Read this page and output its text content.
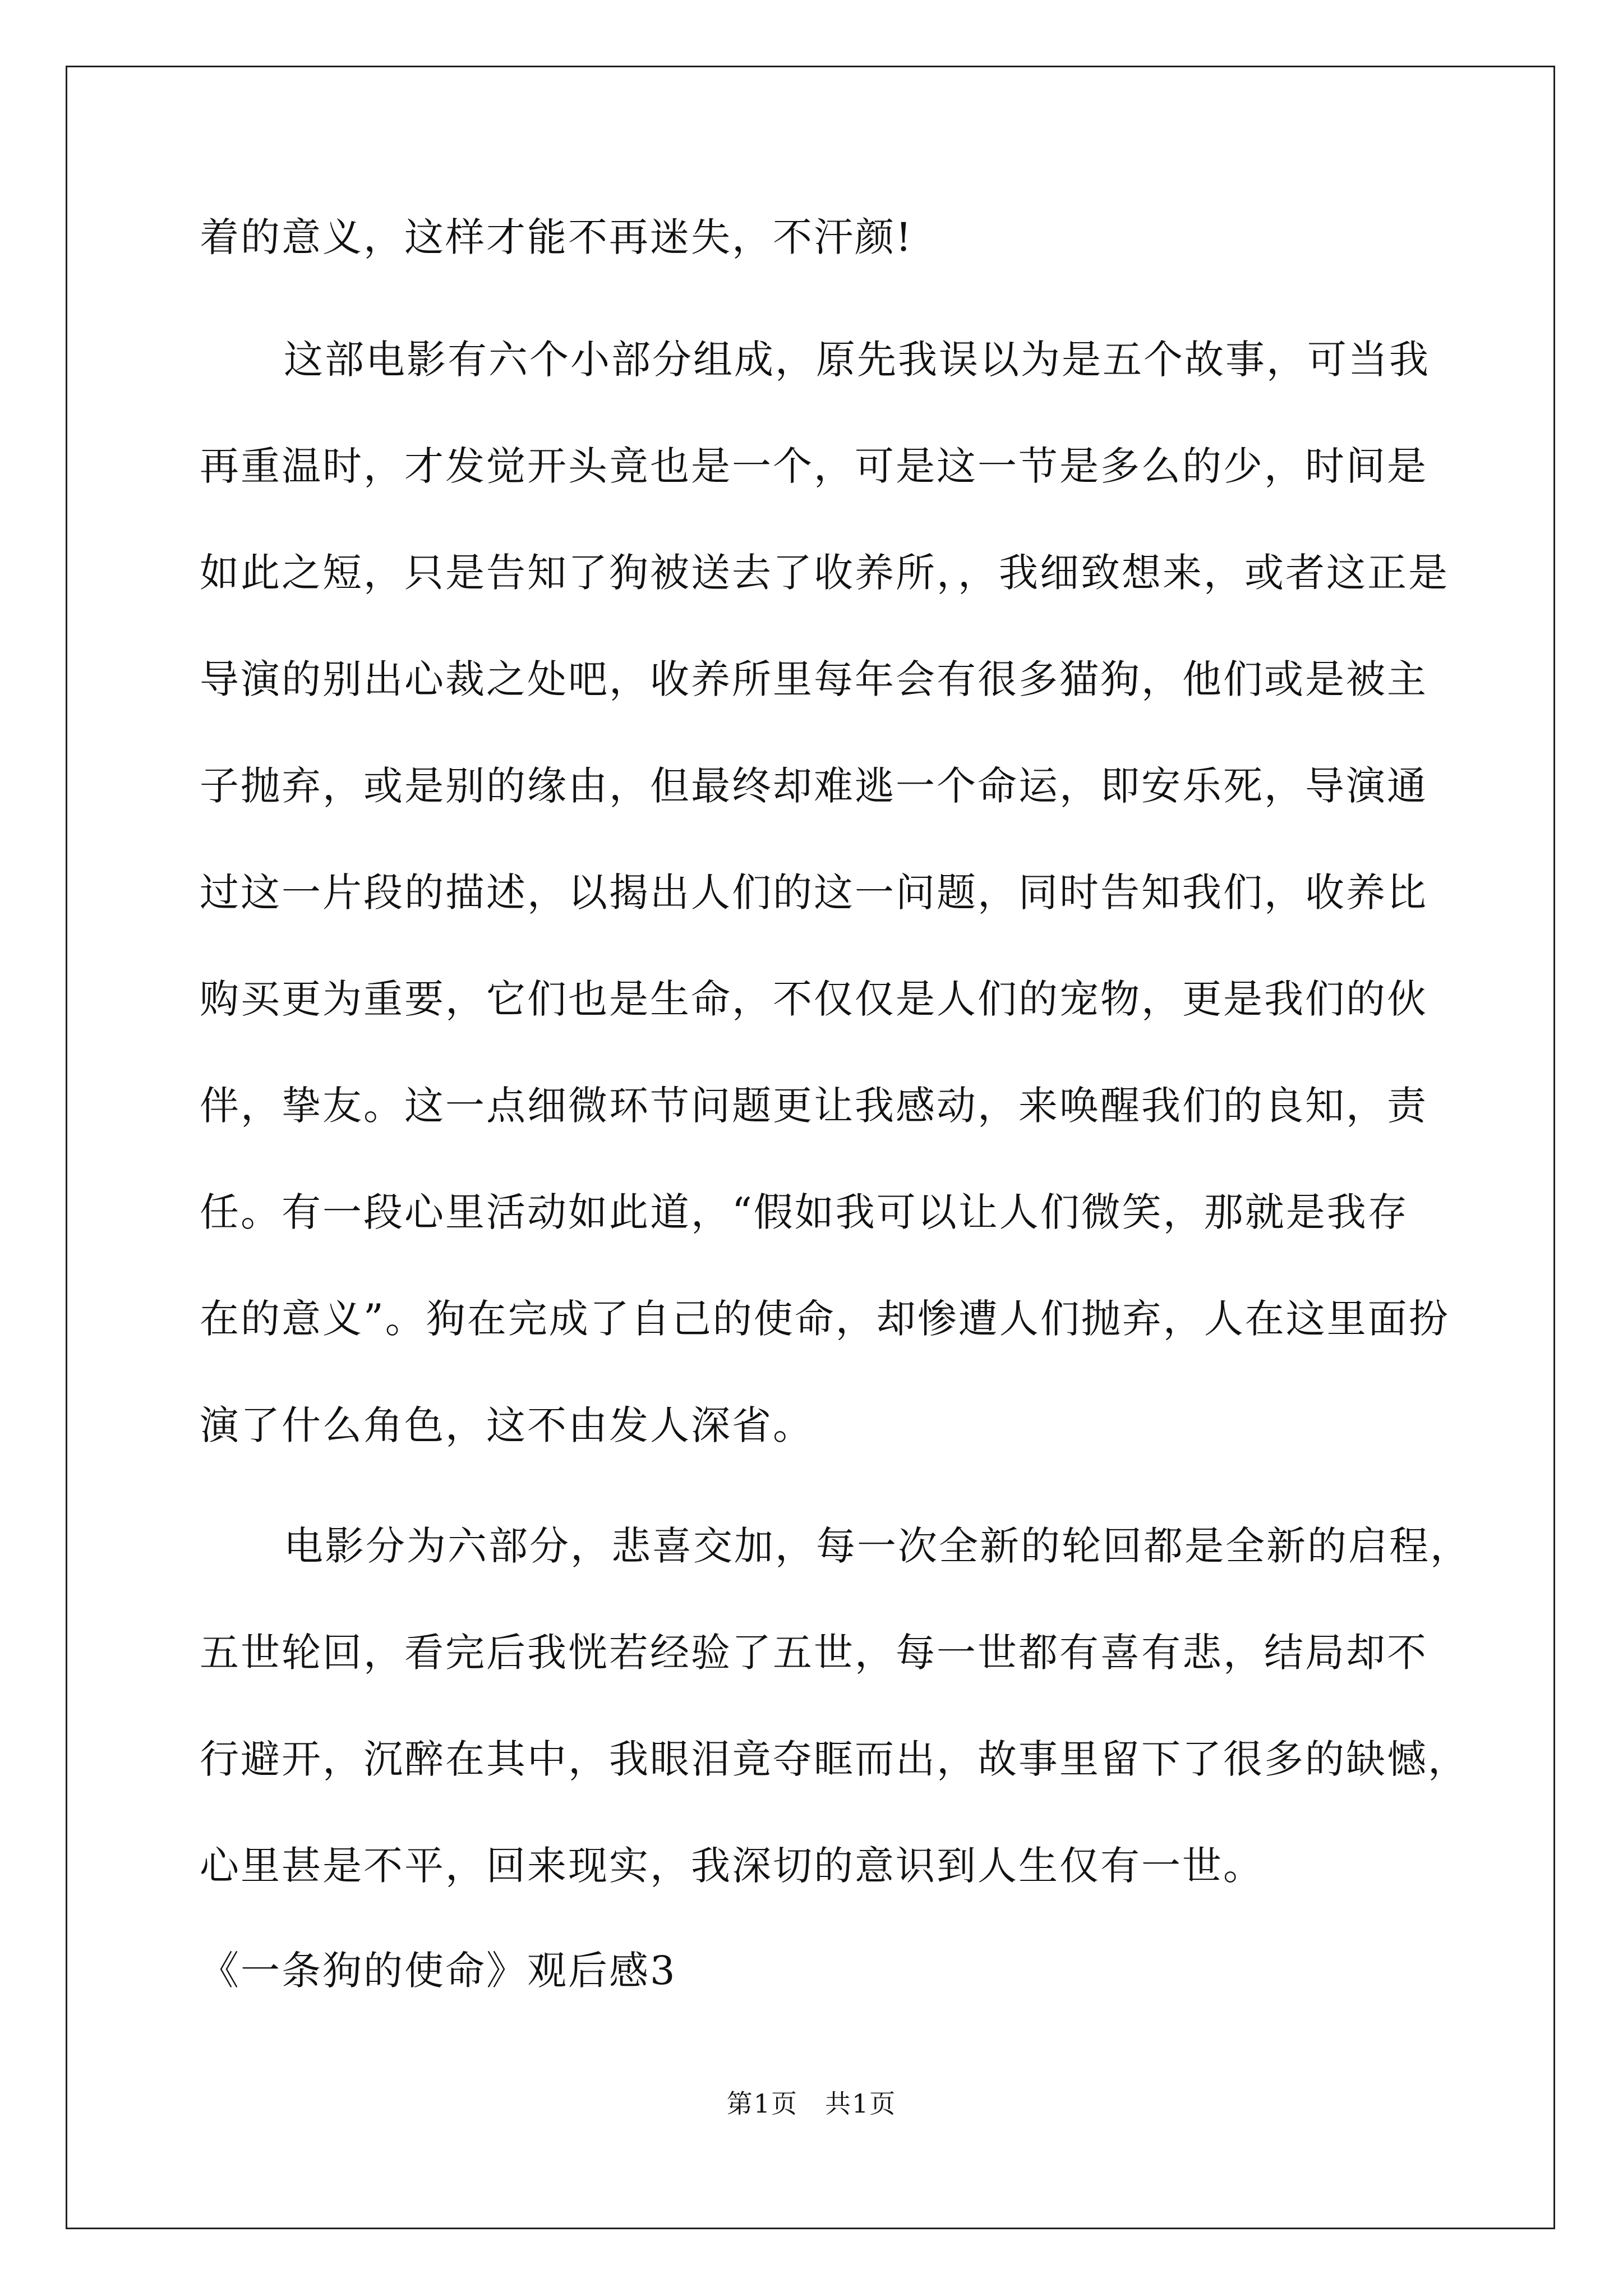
着的意义，这样才能不再迷失，不汗颜!
这部电影有六个小部分组成，原先我误以为是五个故事，可当我
再重温时，才发觉开头竟也是一个，可是这一节是多么的少，时间是
如此之短，只是告知了狗被送去了收养所，，我细致想来，或者这正是
导演的别出心裁之处吧，收养所里每年会有很多猫狗，他们或是被主
子抛弃，或是别的缘由，但最终却难逃一个命运，即安乐死，导演通
过这一片段的描述，以揭出人们的这一问题，同时告知我们，收养比
购买更为重要，它们也是生命，不仅仅是人们的宠物，更是我们的伙
伴，挚友。这一点细微环节问题更让我感动，来唤醒我们的良知，责
任。有一段心里活动如此道，“假如我可以让人们微笑，那就是我存
在的意义”。狗在完成了自己的使命，却惨遭人们抛弃，人在这里面扮
演了什么角色，这不由发人深省。
电影分为六部分，悲喜交加，每一次全新的轮回都是全新的启程，
五世轮回，看完后我恍若经验了五世，每一世都有喜有悲，结局却不
行避开，沉醉在其中，我眼泪竟夺眶而出，故事里留下了很多的缺憾，
心里甚是不平，回来现实，我深切的意识到人生仅有一世。
《一条狗的使命》观后感3
第1页　共1页
